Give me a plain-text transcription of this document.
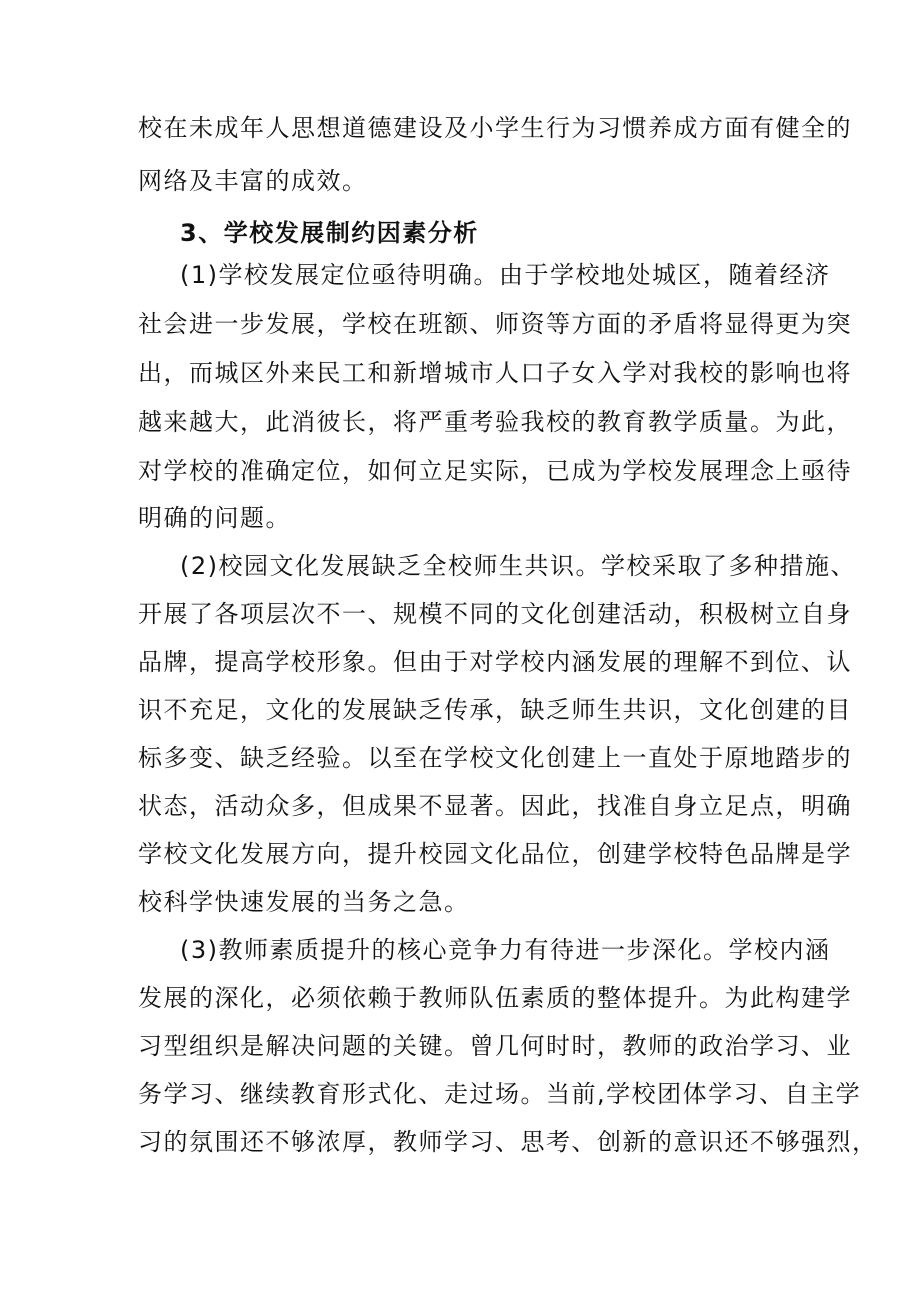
校在未成年人思想道德建设及小学生行为习惯养成方面有健全的
网络及丰富的成效。
3、学校发展制约因素分析
(1)学校发展定位亟待明确。由于学校地处城区，随着经济
社会进一步发展，学校在班额、师资等方面的矛盾将显得更为突
出，而城区外来民工和新增城市人口子女入学对我校的影响也将
越来越大，此消彼长，将严重考验我校的教育教学质量。为此，
对学校的准确定位，如何立足实际，已成为学校发展理念上亟待
明确的问题。
(2)校园文化发展缺乏全校师生共识。学校采取了多种措施、
开展了各项层次不一、规模不同的文化创建活动，积极树立自身
品牌，提高学校形象。但由于对学校内涵发展的理解不到位、认
识不充足，文化的发展缺乏传承，缺乏师生共识，文化创建的目
标多变、缺乏经验。以至在学校文化创建上一直处于原地踏步的
状态，活动众多，但成果不显著。因此，找准自身立足点，明确
学校文化发展方向，提升校园文化品位，创建学校特色品牌是学
校科学快速发展的当务之急。
(3)教师素质提升的核心竞争力有待进一步深化。学校内涵
发展的深化，必须依赖于教师队伍素质的整体提升。为此构建学
习型组织是解决问题的关键。曾几何时时，教师的政治学习、业
务学习、继续教育形式化、走过场。当前,学校团体学习、自主学
习的氛围还不够浓厚，教师学习、思考、创新的意识还不够强烈，
